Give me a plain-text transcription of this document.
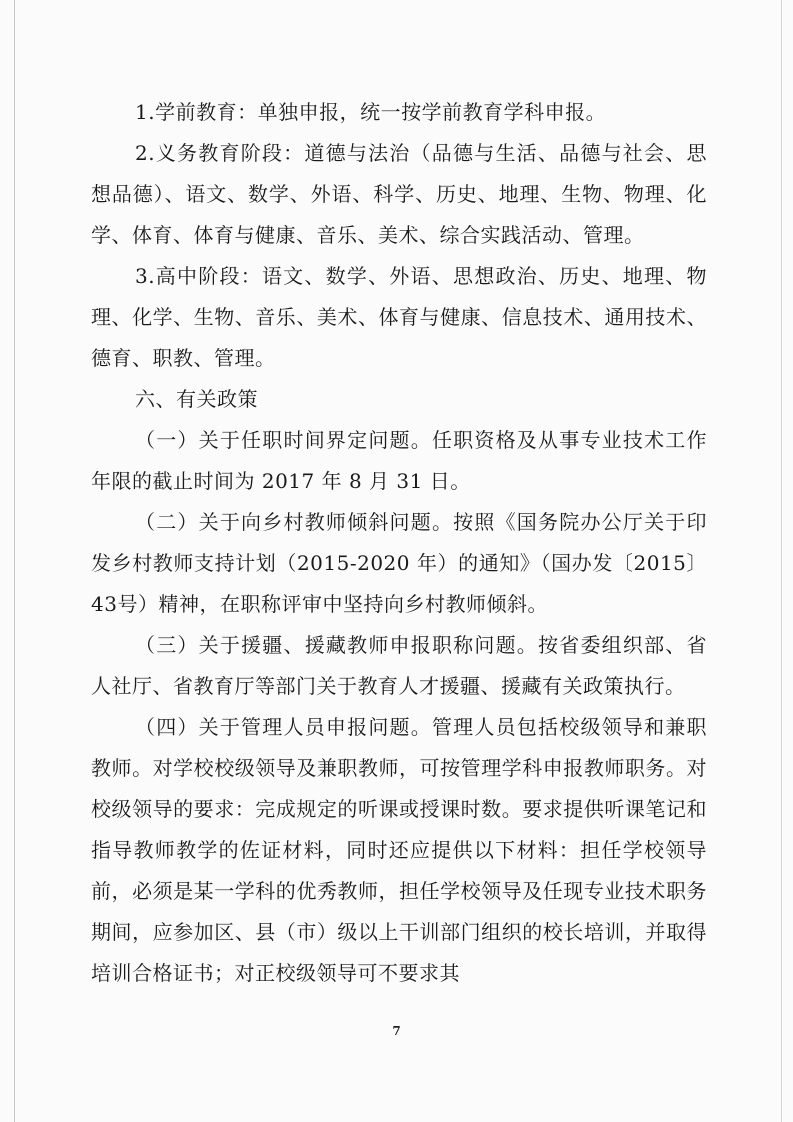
1.学前教育：单独申报，统一按学前教育学科申报。

2.义务教育阶段：道德与法治（品德与生活、品德与社会、思想品德）、语文、数学、外语、科学、历史、地理、生物、物理、化学、体育、体育与健康、音乐、美术、综合实践活动、管理。

3.高中阶段：语文、数学、外语、思想政治、历史、地理、物理、化学、生物、音乐、美术、体育与健康、信息技术、通用技术、德育、职教、管理。

六、有关政策

（一）关于任职时间界定问题。任职资格及从事专业技术工作年限的截止时间为 2017 年 8 月 31 日。

（二）关于向乡村教师倾斜问题。按照《国务院办公厅关于印发乡村教师支持计划（2015-2020 年）的通知》（国办发〔2015〕43号）精神，在职称评审中坚持向乡村教师倾斜。

（三）关于援疆、援藏教师申报职称问题。按省委组织部、省人社厅、省教育厅等部门关于教育人才援疆、援藏有关政策执行。

（四）关于管理人员申报问题。管理人员包括校级领导和兼职教师。对学校校级领导及兼职教师，可按管理学科申报教师职务。对校级领导的要求：完成规定的听课或授课时数。要求提供听课笔记和指导教师教学的佐证材料，同时还应提供以下材料：担任学校领导前，必须是某一学科的优秀教师，担任学校领导及任现专业技术职务期间，应参加区、县（市）级以上干训部门组织的校长培训，并取得培训合格证书；对正校级领导可不要求其

7
